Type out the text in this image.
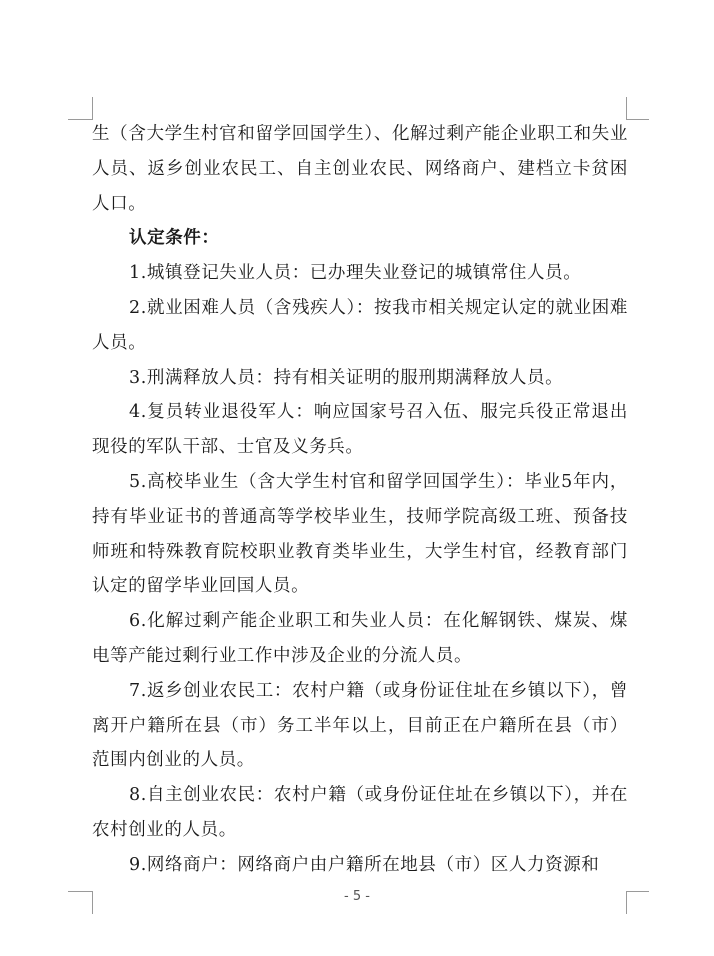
生（含大学生村官和留学回国学生）、化解过剩产能企业职工和失业人员、返乡创业农民工、自主创业农民、网络商户、建档立卡贫困人口。

认定条件：

1.城镇登记失业人员：已办理失业登记的城镇常住人员。

2.就业困难人员（含残疾人）：按我市相关规定认定的就业困难人员。

3.刑满释放人员：持有相关证明的服刑期满释放人员。

4.复员转业退役军人：响应国家号召入伍、服完兵役正常退出现役的军队干部、士官及义务兵。

5.高校毕业生（含大学生村官和留学回国学生）：毕业5年内，持有毕业证书的普通高等学校毕业生，技师学院高级工班、预备技师班和特殊教育院校职业教育类毕业生，大学生村官，经教育部门认定的留学毕业回国人员。

6.化解过剩产能企业职工和失业人员：在化解钢铁、煤炭、煤电等产能过剩行业工作中涉及企业的分流人员。

7.返乡创业农民工：农村户籍（或身份证住址在乡镇以下），曾离开户籍所在县（市）务工半年以上，目前正在户籍所在县（市）范围内创业的人员。

8.自主创业农民：农村户籍（或身份证住址在乡镇以下），并在农村创业的人员。

9.网络商户：网络商户由户籍所在地县（市）区人力资源和

- 5 -
